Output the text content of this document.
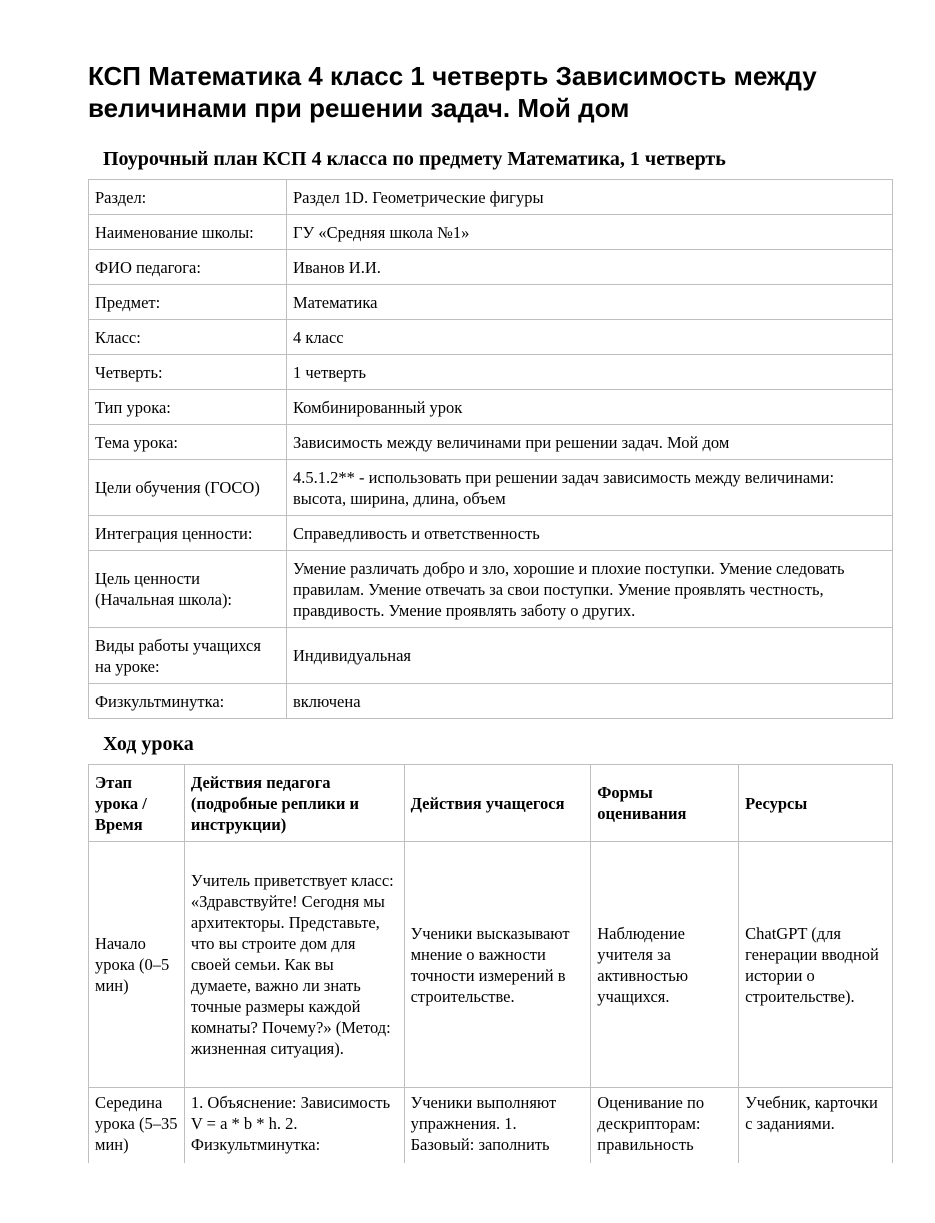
КСП Математика 4 класс 1 четверть Зависимость между величинами при решении задач. Мой дом

Поурочный план КСП 4 класса по предмету Математика, 1 четверть

Раздел:	Раздел 1D. Геометрические фигуры
Наименование школы:	ГУ «Средняя школа №1»
ФИО педагога:	Иванов И.И.
Предмет:	Математика
Класс:	4 класс
Четверть:	1 четверть
Тип урока:	Комбинированный урок
Тема урока:	Зависимость между величинами при решении задач. Мой дом
Цели обучения (ГОСО)	4.5.1.2** - использовать при решении задач зависимость между величинами: высота, ширина, длина, объем
Интеграция ценности:	Справедливость и ответственность
Цель ценности (Начальная школа):	Умение различать добро и зло, хорошие и плохие поступки. Умение следовать правилам. Умение отвечать за свои поступки. Умение проявлять честность, правдивость. Умение проявлять заботу о других.
Виды работы учащихся на уроке:	Индивидуальная
Физкультминутка:	включена

Ход урока

Этап урока / Время	Действия педагога (подробные реплики и инструкции)	Действия учащегося	Формы оценивания	Ресурсы
Начало урока (0–5 мин)	Учитель приветствует класс: «Здравствуйте! Сегодня мы архитекторы. Представьте, что вы строите дом для своей семьи. Как вы думаете, важно ли знать точные размеры каждой комнаты? Почему?» (Метод: жизненная ситуация).	Ученики высказывают мнение о важности точности измерений в строительстве.	Наблюдение учителя за активностью учащихся.	ChatGPT (для генерации вводной истории о строительстве).
Середина урока (5–35 мин)	1. Объяснение: Зависимость V = a * b * h. 2. Физкультминутка:	Ученики выполняют упражнения. 1. Базовый: заполнить	Оценивание по дескрипторам: правильность	Учебник, карточки с заданиями.
